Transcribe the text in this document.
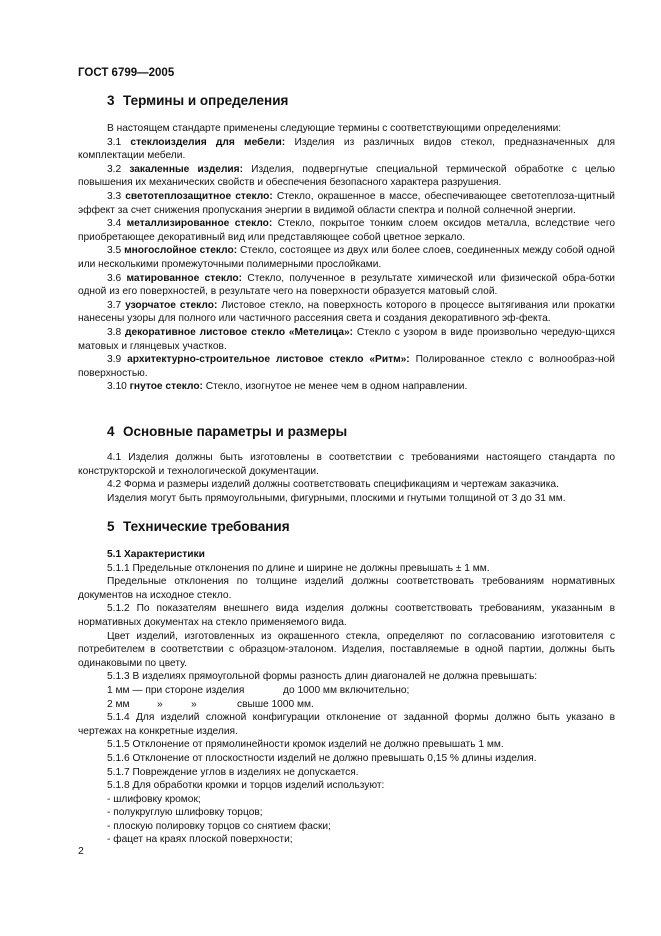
ГОСТ 6799—2005
3 Термины и определения

В настоящем стандарте применены следующие термины с соответствующими определениями:

3.1 стеклоизделия для мебели: Изделия из различных видов стекол, предназначенных для комплектации мебели.

3.2 закаленные изделия: Изделия, подвергнутые специальной термической обработке с целью повышения их механических свойств и обеспечения безопасного характера разрушения.

3.3 светотеплозащитное стекло: Стекло, окрашенное в массе, обеспечивающее светотеплоза-щитный эффект за счет снижения пропускания энергии в видимой области спектра и полной солнечной энергии.

3.4 металлизированное стекло: Стекло, покрытое тонким слоем оксидов металла, вследствие чего приобретающее декоративный вид или представляющее собой цветное зеркало.

3.5 многослойное стекло: Стекло, состоящее из двух или более слоев, соединенных между собой одной или несколькими промежуточными полимерными прослойками.

3.6 матированное стекло: Стекло, полученное в результате химической или физической обра-ботки одной из его поверхностей, в результате чего на поверхности образуется матовый слой.

3.7 узорчатое стекло: Листовое стекло, на поверхность которого в процессе вытягивания или прокатки нанесены узоры для полного или частичного рассеяния света и создания декоративного эф-фекта.

3.8 декоративное листовое стекло «Метелица»: Стекло с узором в виде произвольно чередую-щихся матовых и глянцевых участков.

3.9 архитектурно-строительное листовое стекло «Ритм»: Полированное стекло с волнообраз-ной поверхностью.

3.10 гнутое стекло: Стекло, изогнутое не менее чем в одном направлении.

4 Основные параметры и размеры

4.1 Изделия должны быть изготовлены в соответствии с требованиями настоящего стандарта по конструкторской и технологической документации.

4.2 Форма и размеры изделий должны соответствовать спецификациям и чертежам заказчика.

Изделия могут быть прямоугольными, фигурными, плоскими и гнутыми толщиной от 3 до 31 мм.

5 Технические требования

5.1 Характеристики

5.1.1 Предельные отклонения по длине и ширине не должны превышать ± 1 мм.

Предельные отклонения по толщине изделий должны соответствовать требованиям нормативных документов на исходное стекло.

5.1.2 По показателям внешнего вида изделия должны соответствовать требованиям, указанным в нормативных документах на стекло применяемого вида.

Цвет изделий, изготовленных из окрашенного стекла, определяют по согласованию изготовителя с потребителем в соответствии с образцом-эталоном. Изделия, поставляемые в одной партии, должны быть одинаковыми по цвету.

5.1.3 В изделиях прямоугольной формы разность длин диагоналей не должна превышать:

1 мм — при стороне изделия	до 1000 мм включительно;

2 мм	»	»	свыше 1000 мм.

5.1.4 Для изделий сложной конфигурации отклонение от заданной формы должно быть указано в чертежах на конкретные изделия.

5.1.5 Отклонение от прямолинейности кромок изделий не должно превышать 1 мм.

5.1.6 Отклонение от плоскостности изделий не должно превышать 0,15 % длины изделия.

5.1.7 Повреждение углов в изделиях не допускается.

5.1.8 Для обработки кромки и торцов изделий используют:

- шлифовку кромок;

- полукруглую шлифовку торцов;

- плоскую полировку торцов со снятием фаски;

- фацет на краях плоской поверхности;

2
